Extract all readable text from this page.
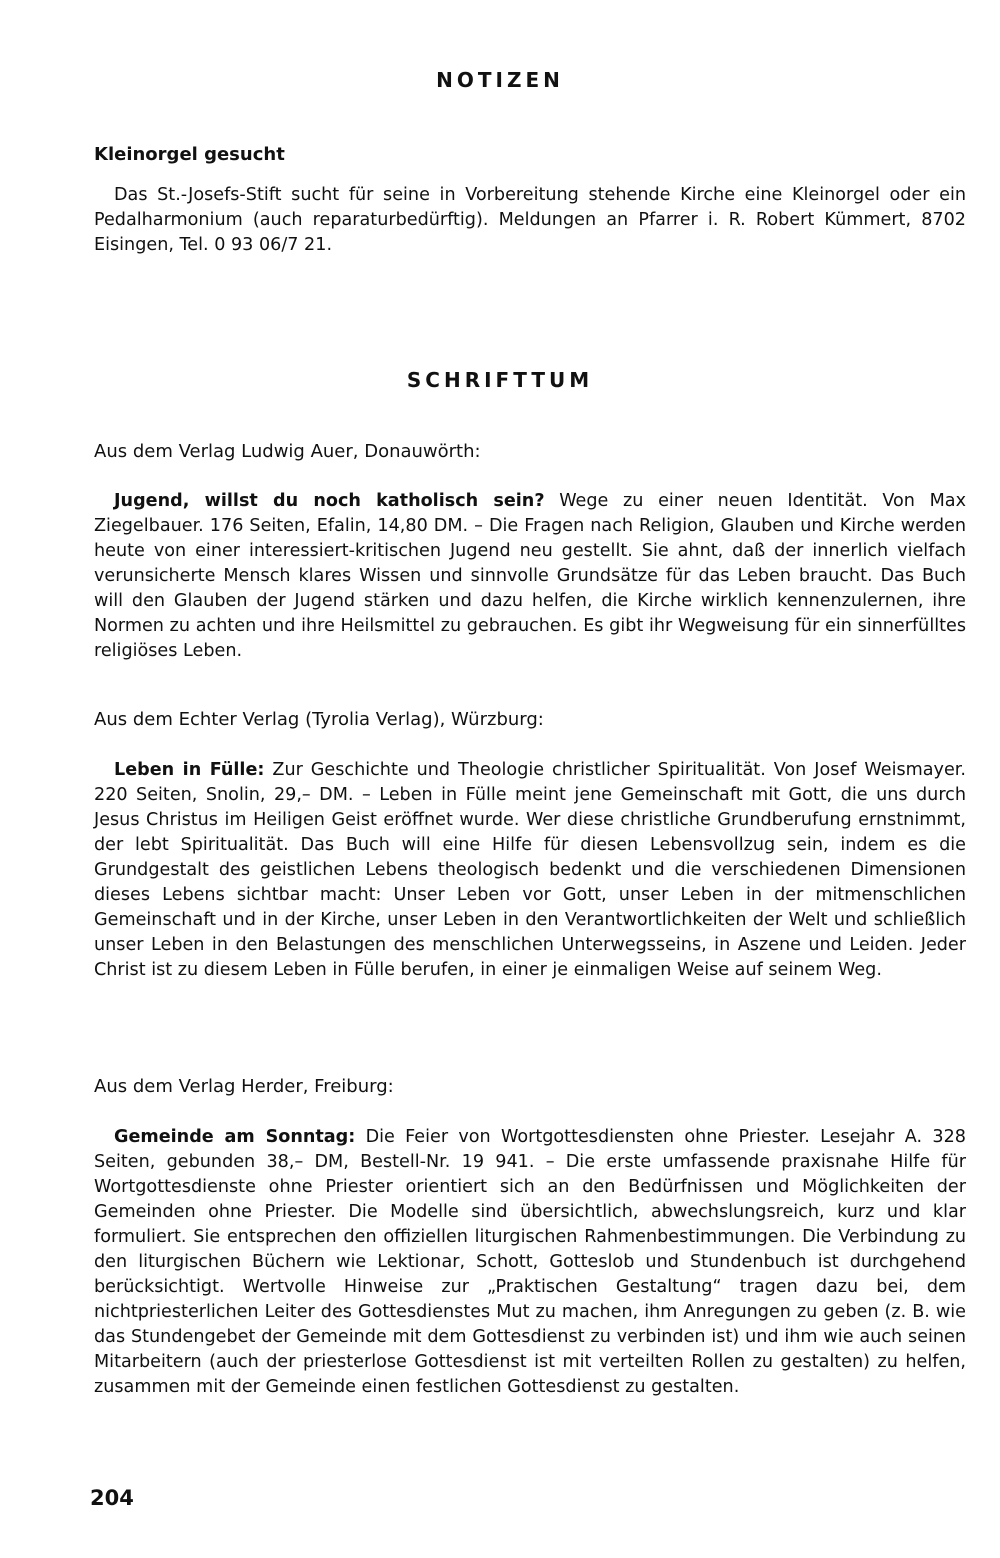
NOTIZEN
Kleinorgel gesucht

Das St.-Josefs-Stift sucht für seine in Vorbereitung stehende Kirche eine Kleinorgel oder ein Pedalharmonium (auch reparaturbedürftig). Meldungen an Pfarrer i. R. Robert Kümmert, 8702 Eisingen, Tel. 0 93 06/7 21.

SCHRIFTTUM

Aus dem Verlag Ludwig Auer, Donauwörth:

Jugend, willst du noch katholisch sein? Wege zu einer neuen Identität. Von Max Ziegelbauer. 176 Seiten, Efalin, 14,80 DM. – Die Fragen nach Religion, Glauben und Kirche werden heute von einer interessiert-kritischen Jugend neu gestellt. Sie ahnt, daß der innerlich vielfach verunsicherte Mensch klares Wissen und sinnvolle Grundsätze für das Leben braucht. Das Buch will den Glauben der Jugend stärken und dazu helfen, die Kirche wirklich kennenzulernen, ihre Normen zu achten und ihre Heilsmittel zu gebrauchen. Es gibt ihr Wegweisung für ein sinnerfülltes religiöses Leben.

Aus dem Echter Verlag (Tyrolia Verlag), Würzburg:

Leben in Fülle: Zur Geschichte und Theologie christlicher Spiritualität. Von Josef Weismayer. 220 Seiten, Snolin, 29,– DM. – Leben in Fülle meint jene Gemeinschaft mit Gott, die uns durch Jesus Christus im Heiligen Geist eröffnet wurde. Wer diese christliche Grundberufung ernstnimmt, der lebt Spiritualität. Das Buch will eine Hilfe für diesen Lebensvollzug sein, indem es die Grundgestalt des geistlichen Lebens theologisch bedenkt und die verschiedenen Dimensionen dieses Lebens sichtbar macht: Unser Leben vor Gott, unser Leben in der mitmenschlichen Gemeinschaft und in der Kirche, unser Leben in den Verantwortlichkeiten der Welt und schließlich unser Leben in den Belastungen des menschlichen Unterwegsseins, in Aszene und Leiden. Jeder Christ ist zu diesem Leben in Fülle berufen, in einer je einmaligen Weise auf seinem Weg.

Aus dem Verlag Herder, Freiburg:

Gemeinde am Sonntag: Die Feier von Wortgottesdiensten ohne Priester. Lesejahr A. 328 Seiten, gebunden 38,– DM, Bestell-Nr. 19 941. – Die erste umfassende praxisnahe Hilfe für Wortgottesdienste ohne Priester orientiert sich an den Bedürfnissen und Möglichkeiten der Gemeinden ohne Priester. Die Modelle sind übersichtlich, abwechslungsreich, kurz und klar formuliert. Sie entsprechen den offiziellen liturgischen Rahmenbestimmungen. Die Verbindung zu den liturgischen Büchern wie Lektionar, Schott, Gotteslob und Stundenbuch ist durchgehend berücksichtigt. Wertvolle Hinweise zur „Praktischen Gestaltung“ tragen dazu bei, dem nichtpriesterlichen Leiter des Gottesdienstes Mut zu machen, ihm Anregungen zu geben (z. B. wie das Stundengebet der Gemeinde mit dem Gottesdienst zu verbinden ist) und ihm wie auch seinen Mitarbeitern (auch der priesterlose Gottesdienst ist mit verteilten Rollen zu gestalten) zu helfen, zusammen mit der Gemeinde einen festlichen Gottesdienst zu gestalten.

204
